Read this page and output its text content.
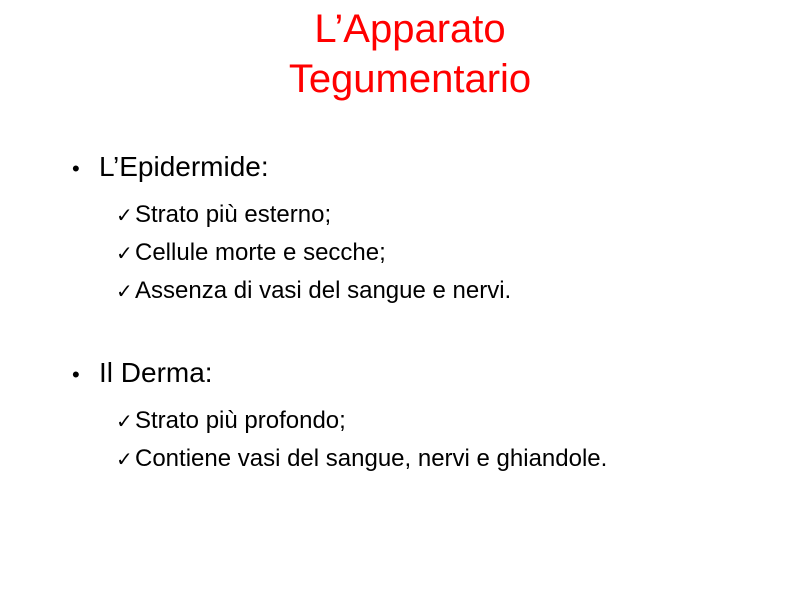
L’Apparato
Tegumentario
• L’Epidermide:
✓ Strato più esterno;
✓ Cellule morte e secche;
✓ Assenza di vasi del sangue e nervi.
• Il Derma:
✓ Strato più profondo;
✓ Contiene vasi del sangue, nervi e ghiandole.
